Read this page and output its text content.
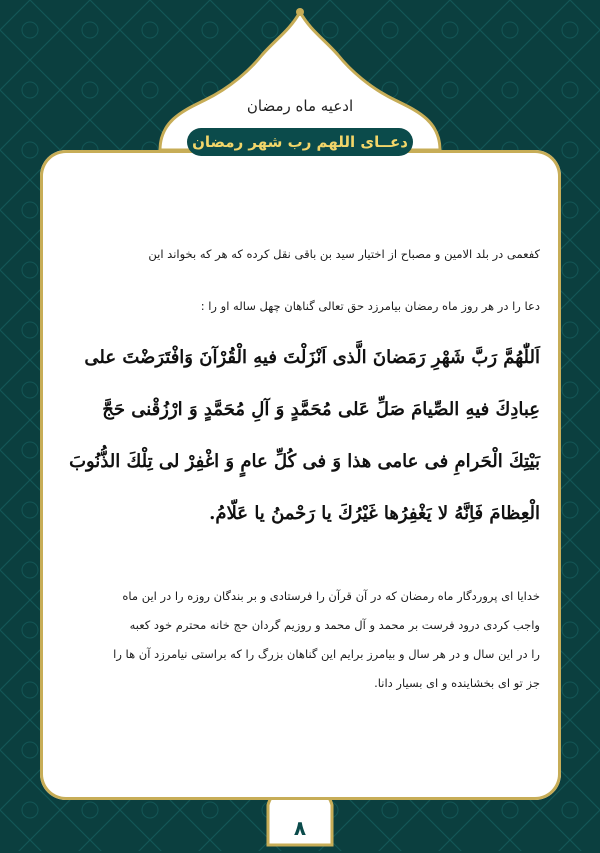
ادعیه ماه رمضان
دعــای اللهم رب شهر رمضان
کفعمی در بلد الامین و مصباح از اختیار سید بن باقی نقل کرده که هر که بخواند این
دعا را در هر روز ماه رمضان بیامرزد حق تعالی گناهان چهل ساله او را :
اَللّٰهُمَّ رَبَّ شَهْرِ رَمَضانَ الَّذی اَنْزَلْتَ فیهِ الْقُرْآنَ وَافْتَرَضْتَ علی
عِبادِكَ فیهِ الصِّیامَ صَلِّ عَلی مُحَمَّدٍ وَ آلِ مُحَمَّدٍ وَ ارْزُقْنی حَجَّ
بَیْتِكَ الْحَرامِ فی عامی هذا وَ فی كُلِّ عامٍ وَ اغْفِرْ لی تِلْكَ الذُّنُوبَ
الْعِظامَ فَاِنَّهُ لا یَغْفِرُها غَیْرُكَ یا رَحْمنُ یا عَلّامُ.
خدایا ای پروردگار ماه رمضان که در آن قرآن را فرستادی و بر بندگان روزه را در این ماه
واجب کردی درود فرست بر محمد و آل محمد و روزیم گردان حج خانه محترم خود کعبه
را در این سال و در هر سال و بیامرز برایم این گناهان بزرگ را که براستی نیامرزد آن ها را
جز تو ای بخشاینده و ای بسیار دانا.
۸
